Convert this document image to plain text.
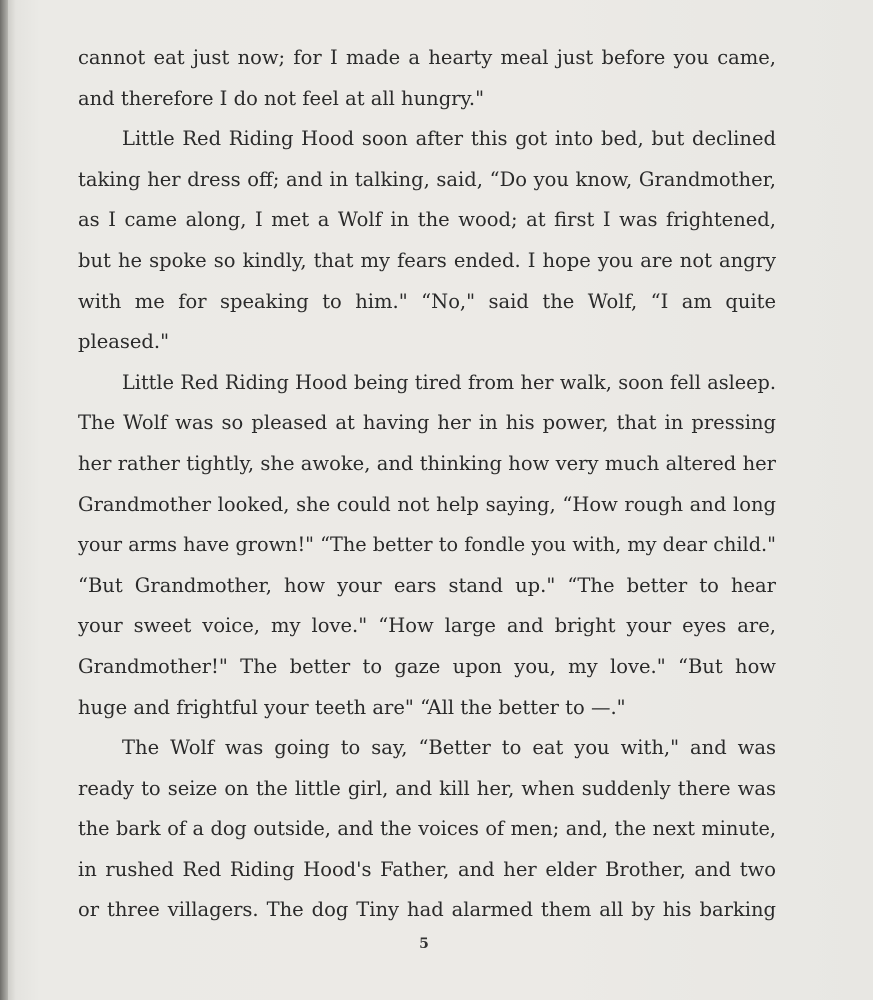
cannot eat just now; for I made a hearty meal just before you came,
and therefore I do not feel at all hungry."
Little Red Riding Hood soon after this got into bed, but declined
taking her dress off; and in talking, said, “Do you know, Grandmother,
as I came along, I met a Wolf in the wood; at first I was frightened,
but he spoke so kindly, that my fears ended. I hope you are not angry
with me for speaking to him." “No," said the Wolf, “I am quite
pleased."
Little Red Riding Hood being tired from her walk, soon fell asleep.
The Wolf was so pleased at having her in his power, that in pressing
her rather tightly, she awoke, and thinking how very much altered her
Grandmother looked, she could not help saying, “How rough and long
your arms have grown!" “The better to fondle you with, my dear child."
“But Grandmother, how your ears stand up." “The better to hear
your sweet voice, my love." “How large and bright your eyes are,
Grandmother!" The better to gaze upon you, my love." “But how
huge and frightful your teeth are" “All the better to —."
The Wolf was going to say, “Better to eat you with," and was
ready to seize on the little girl, and kill her, when suddenly there was
the bark of a dog outside, and the voices of men; and, the next minute,
in rushed Red Riding Hood's Father, and her elder Brother, and two
or three villagers. The dog Tiny had alarmed them all by his barking
5
